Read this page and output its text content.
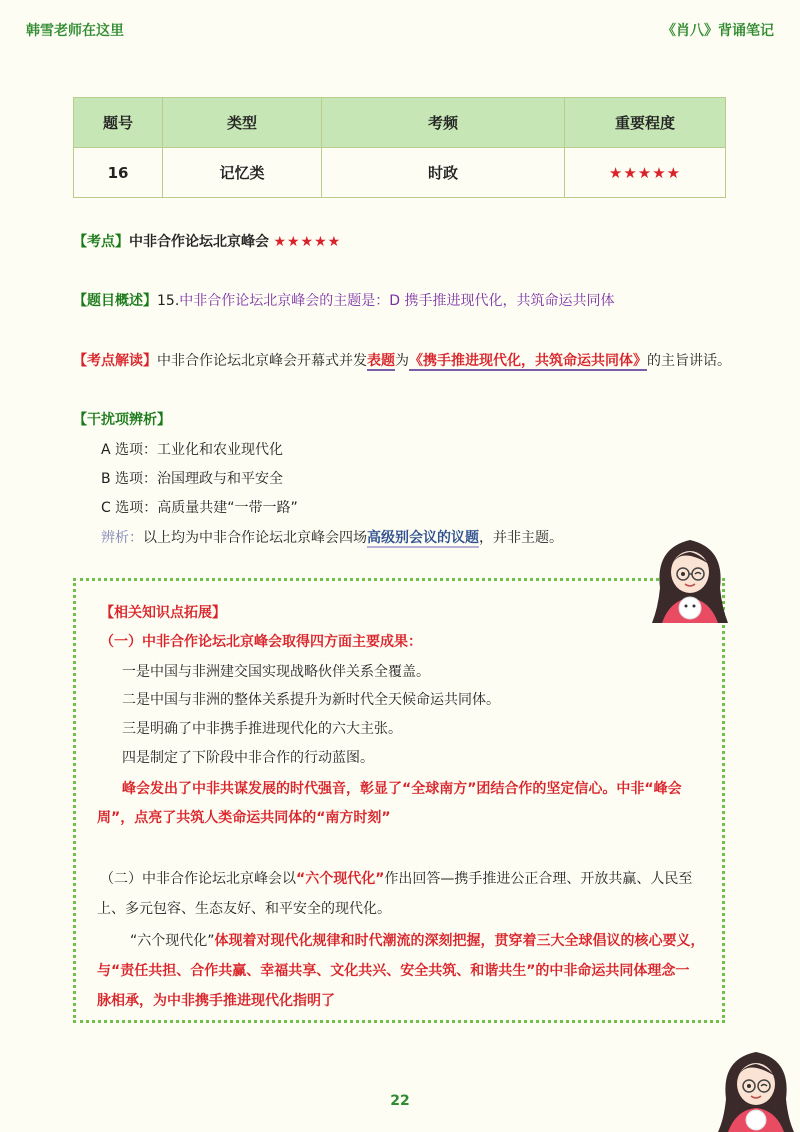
韩雪老师在这里	《肖八》背诵笔记
题号	类型	考频	重要程度
16	记忆类	时政	★★★★★
【考点】中非合作论坛北京峰会 ★★★★★
【题目概述】15.中非合作论坛北京峰会的主题是：D 携手推进现代化，共筑命运共同体
【考点解读】中非合作论坛北京峰会开幕式并发表题为《携手推进现代化，共筑命运共同体》的主旨讲话。
【干扰项辨析】
A 选项：工业化和农业现代化
B 选项：治国理政与和平安全
C 选项：高质量共建“一带一路”
辨析：以上均为中非合作论坛北京峰会四场高级别会议的议题，并非主题。
【相关知识点拓展】
（一）中非合作论坛北京峰会取得四方面主要成果：
一是中国与非洲建交国实现战略伙伴关系全覆盖。
二是中国与非洲的整体关系提升为新时代全天候命运共同体。
三是明确了中非携手推进现代化的六大主张。
四是制定了下阶段中非合作的行动蓝图。
峰会发出了中非共谋发展的时代强音，彰显了“全球南方”团结合作的坚定信心。中非“峰会
周”，点亮了共筑人类命运共同体的“南方时刻”
（二）中非合作论坛北京峰会以“六个现代化”作出回答—携手推进公正合理、开放共赢、人民至
上、多元包容、生态友好、和平安全的现代化。
“六个现代化”体现着对现代化规律和时代潮流的深刻把握，贯穿着三大全球倡议的核心要义，
与“责任共担、合作共赢、幸福共享、文化共兴、安全共筑、和谐共生”的中非命运共同体理念一
脉相承，为中非携手推进现代化指明了
22
